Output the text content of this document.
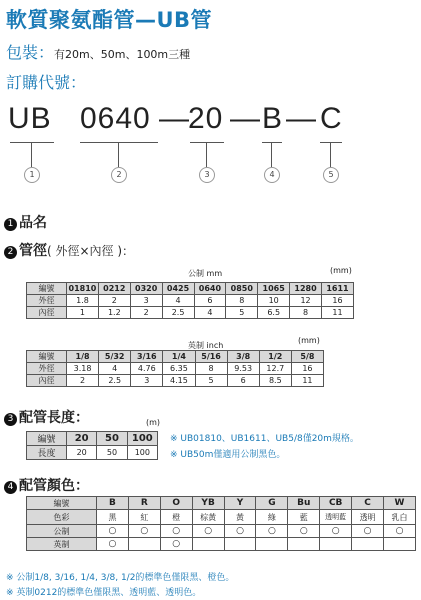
軟質聚氨酯管—UB管
包裝：有20m、50m、100m三種
訂購代號：
UB 0640 —
20 — B — C
1	2	3	4	5
1 品名
2 管徑( 外徑×內徑 )：
公制 mm	(mm)
編號	01810	0212	0320	0425	0640	0850	1065	1280	1611
外徑	1.8	2	3	4	6	8	10	12	16
內徑	1	1.2	2	2.5	4	5	6.5	8	11
英制 inch
(mm)
編號	1/8	5/32	3/16	1/4	5/16	3/8	1/2	5/8
外徑	3.18	4	4.76	6.35	8	9.53	12.7	16
內徑	2	2.5	3	4.15	5	6	8.5	11
3 配管長度：	(m)
編號	20	50	100
長度	20	50	100
※ UB01810、UB1611、UB5/8僅20m規格。
※ UB50m僅適用公制黑色。
4 配管顏色：
編號	B	R	O	YB	Y	G	Bu	CB	C	W
色彩	黑	紅	橙	棕黃	黃	綠	藍	透明藍	透明	乳白
公制	○	○	○	○	○	○	○	○	○	○
英制	○		○							
※ 公制1/8, 3/16, 1/4, 3/8, 1/2的標準色僅限黑、橙色。
※ 英制0212的標準色僅限黑、透明藍、透明色。
